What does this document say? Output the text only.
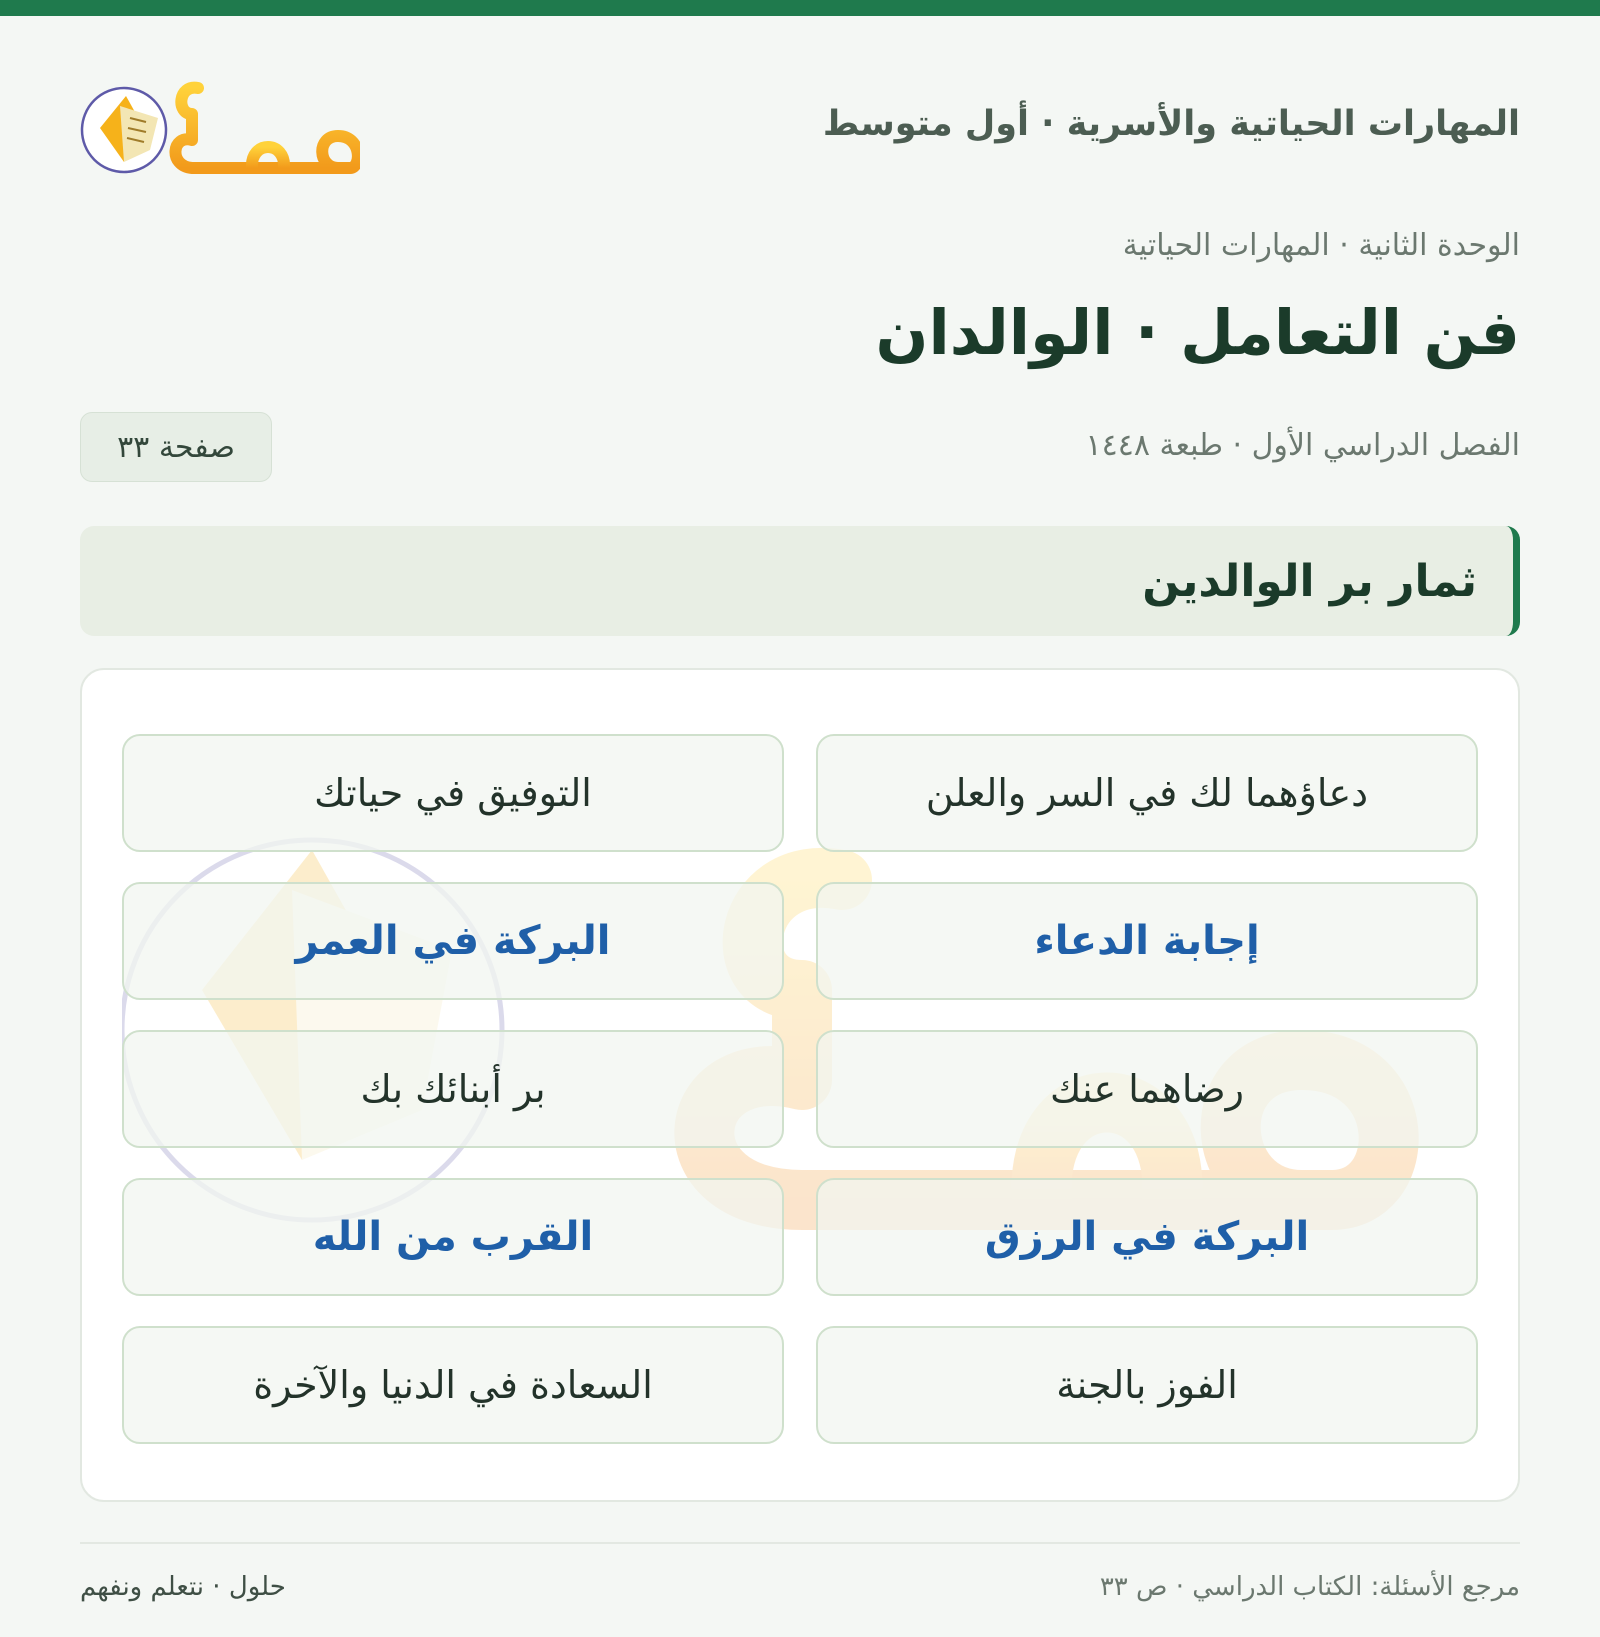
المهارات الحياتية والأسرية · أول متوسط
الوحدة الثانية · المهارات الحياتية
فن التعامل · الوالدان
الفصل الدراسي الأول · طبعة ١٤٤٨
صفحة ٣٣
ثمار بر الوالدين
دعاؤهما لك في السر والعلن
التوفيق في حياتك
إجابة الدعاء
البركة في العمر
رضاهما عنك
بر أبنائك بك
البركة في الرزق
القرب من الله
الفوز بالجنة
السعادة في الدنيا والآخرة
مرجع الأسئلة: الكتاب الدراسي · ص ٣٣
حلول · نتعلم ونفهم
